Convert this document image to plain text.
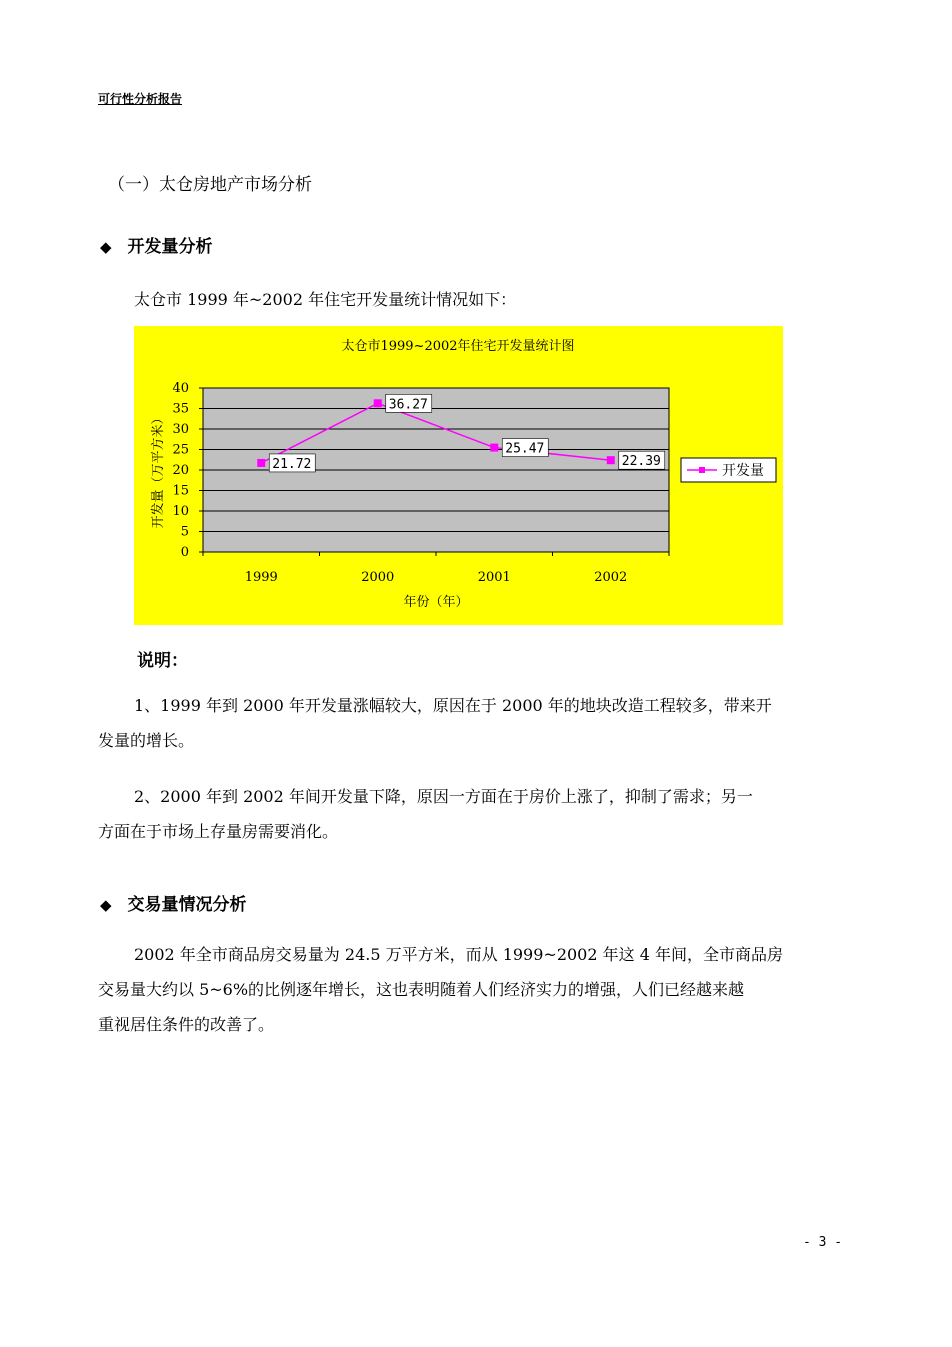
可行性分析报告
（一）太仓房地产市场分析
◆ 开发量分析
太仓市 1999 年~2002 年住宅开发量统计情况如下：
太仓市1999~2002年住宅开发量统计图
0
5
10
15
20
25
30
35
40
1999	2000	2001	2002
21.72
36.27
25.47
22.39
年份（年）
开发量（万平方米）	开发量
说明：
1、1999 年到 2000 年开发量涨幅较大，原因在于 2000 年的地块改造工程较多，带来开
发量的增长。
2、2000 年到 2002 年间开发量下降，原因一方面在于房价上涨了，抑制了需求；另一
方面在于市场上存量房需要消化。
◆ 交易量情况分析
2002 年全市商品房交易量为 24.5 万平方米，而从 1999~2002 年这 4 年间，全市商品房
交易量大约以 5~6%的比例逐年增长，这也表明随着人们经济实力的增强，人们已经越来越
重视居住条件的改善了。
- 3 -
